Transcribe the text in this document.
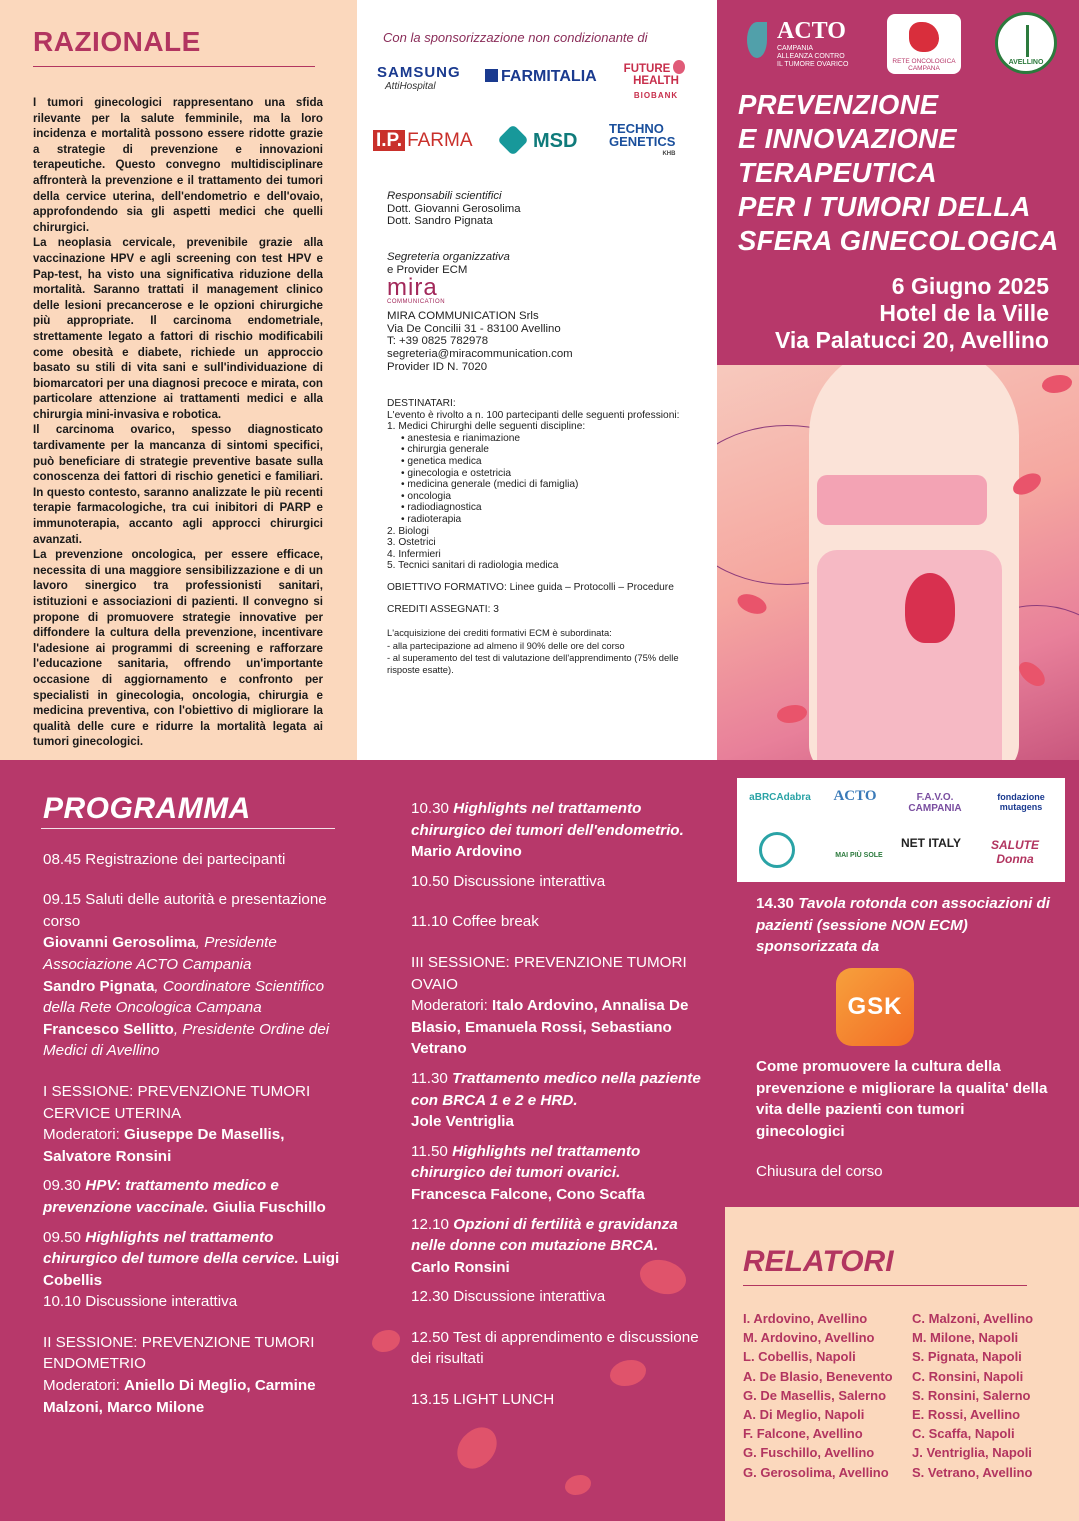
RAZIONALE

I tumori ginecologici rappresentano una sfida rilevante per la salute femminile, ma la loro incidenza e mortalità possono essere ridotte grazie a strategie di prevenzione e innovazioni terapeutiche. Questo convegno multidisciplinare affronterà la prevenzione e il trattamento dei tumori della cervice uterina, dell'endometrio e dell'ovaio, approfondendo sia gli aspetti medici che quelli chirurgici.

La neoplasia cervicale, prevenibile grazie alla vaccinazione HPV e agli screening con test HPV e Pap-test, ha visto una significativa riduzione della mortalità. Saranno trattati il management clinico delle lesioni precancerose e le opzioni chirurgiche più appropriate. Il carcinoma endometriale, strettamente legato a fattori di rischio modificabili come obesità e diabete, richiede un approccio basato su stili di vita sani e sull'individuazione di biomarcatori per una diagnosi precoce e mirata, con particolare attenzione ai trattamenti medici e alla chirurgia mini-invasiva e robotica.

Il carcinoma ovarico, spesso diagnosticato tardivamente per la mancanza di sintomi specifici, può beneficiare di strategie preventive basate sulla conoscenza dei fattori di rischio genetici e familiari. In questo contesto, saranno analizzate le più recenti terapie farmacologiche, tra cui inibitori di PARP e immunoterapia, accanto agli approcci chirurgici avanzati.

La prevenzione oncologica, per essere efficace, necessita di una maggiore sensibilizzazione e di un lavoro sinergico tra professionisti sanitari, istituzioni e associazioni di pazienti. Il convegno si propone di promuovere strategie innovative per diffondere la cultura della prevenzione, incentivare l'adesione ai programmi di screening e rafforzare l'educazione sanitaria, offrendo un'importante occasione di aggiornamento e confronto per specialisti in ginecologia, oncologia, chirurgia e medicina preventiva, con l'obiettivo di migliorare la qualità delle cure e ridurre la mortalità legata ai tumori ginecologici.

Con la sponsorizzazione non condizionante di
SAMSUNG
AttiHospital
FARMITALIA	FUTUREHEALTH
BIOBANK
I.P. FARMA	MSD
TECHNO
GENETICS
KHB
Responsabili scientifici
Dott. Giovanni Gerosolima
Dott. Sandro Pignata
Segreteria organizzativa
e Provider ECM
mira
COMMUNICATION
MIRA COMMUNICATION Srls
Via De Concilii 31 - 83100 Avellino
T: +39 0825 782978
segreteria@miracommunication.com
Provider ID N. 7020
DESTINATARI:
L'evento è rivolto a n. 100 partecipanti delle seguenti professioni:
1. Medici Chirurghi delle seguenti discipline:
• anestesia e rianimazione
• chirurgia generale
• genetica medica
• ginecologia e ostetricia
• medicina generale (medici di famiglia)
• oncologia
• radiodiagnostica
• radioterapia
2. Biologi
3. Ostetrici
4. Infermieri
5. Tecnici sanitari di radiologia medica
OBIETTIVO FORMATIVO: Linee guida – Protocolli – Procedure
CREDITI ASSEGNATI: 3
L'acquisizione dei crediti formativi ECM è subordinata:
- alla partecipazione ad almeno il 90% delle ore del corso
- al superamento del test di valutazione dell'apprendimento (75% delle risposte esatte).
ACTO
CAMPANIA
ALLEANZA CONTRO
IL TUMORE OVARICO	RETE ONCOLOGICA CAMPANA
AVELLINO
PREVENZIONE
E INNOVAZIONE
TERAPEUTICA
PER I TUMORI DELLA
SFERA GINECOLOGICA
6 Giugno 2025
Hotel de la Ville
Via Palatucci 20, Avellino
PROGRAMMA
08.45 Registrazione dei partecipanti
09.15 Saluti delle autorità e presentazione corso
Giovanni Gerosolima, Presidente Associazione ACTO Campania
Sandro Pignata, Coordinatore Scientifico della Rete Oncologica Campana
Francesco Sellitto, Presidente Ordine dei Medici di Avellino
I SESSIONE: PREVENZIONE TUMORI CERVICE UTERINA
Moderatori: Giuseppe De Masellis, Salvatore Ronsini
09.30 HPV: trattamento medico e prevenzione vaccinale. Giulia Fuschillo
09.50 Highlights nel trattamento chirurgico del tumore della cervice. Luigi Cobellis
10.10 Discussione interattiva
II SESSIONE: PREVENZIONE TUMORI ENDOMETRIO
Moderatori: Aniello Di Meglio, Carmine Malzoni, Marco Milone
10.30 Highlights nel trattamento chirurgico dei tumori dell'endometrio.
Mario Ardovino
10.50 Discussione interattiva
11.10 Coffee break
III SESSIONE: PREVENZIONE TUMORI OVAIO
Moderatori: Italo Ardovino, Annalisa De Blasio, Emanuela Rossi, Sebastiano Vetrano
11.30 Trattamento medico nella paziente con BRCA 1 e 2 e HRD.
Jole Ventriglia
11.50 Highlights nel trattamento chirurgico dei tumori ovarici.
Francesca Falcone, Cono Scaffa
12.10 Opzioni di fertilità e gravidanza nelle donne con mutazione BRCA.
Carlo Ronsini
12.30 Discussione interattiva
12.50 Test di apprendimento e discussione dei risultati
13.15 LIGHT LUNCH
aBRCAdabra	ACTO	F.A.V.O. CAMPANIA
fondazione mutagens
MAI PIÙ SOLE
NET ITALY	SALUTE Donna
14.30 Tavola rotonda con associazioni di pazienti (sessione NON ECM) sponsorizzata da
GSK
Come promuovere la cultura della prevenzione e migliorare la qualita' della vita delle pazienti con tumori ginecologici
Chiusura del corso
RELATORI
I. Ardovino, Avellino
M. Ardovino, Avellino
L. Cobellis, Napoli
A. De Blasio, Benevento
G. De Masellis, Salerno
A. Di Meglio, Napoli
F. Falcone, Avellino
G. Fuschillo, Avellino
G. Gerosolima, Avellino
C. Malzoni, Avellino
M. Milone, Napoli
S. Pignata, Napoli
C. Ronsini, Napoli
S. Ronsini, Salerno
E. Rossi, Avellino
C. Scaffa, Napoli
J. Ventriglia, Napoli
S. Vetrano, Avellino
